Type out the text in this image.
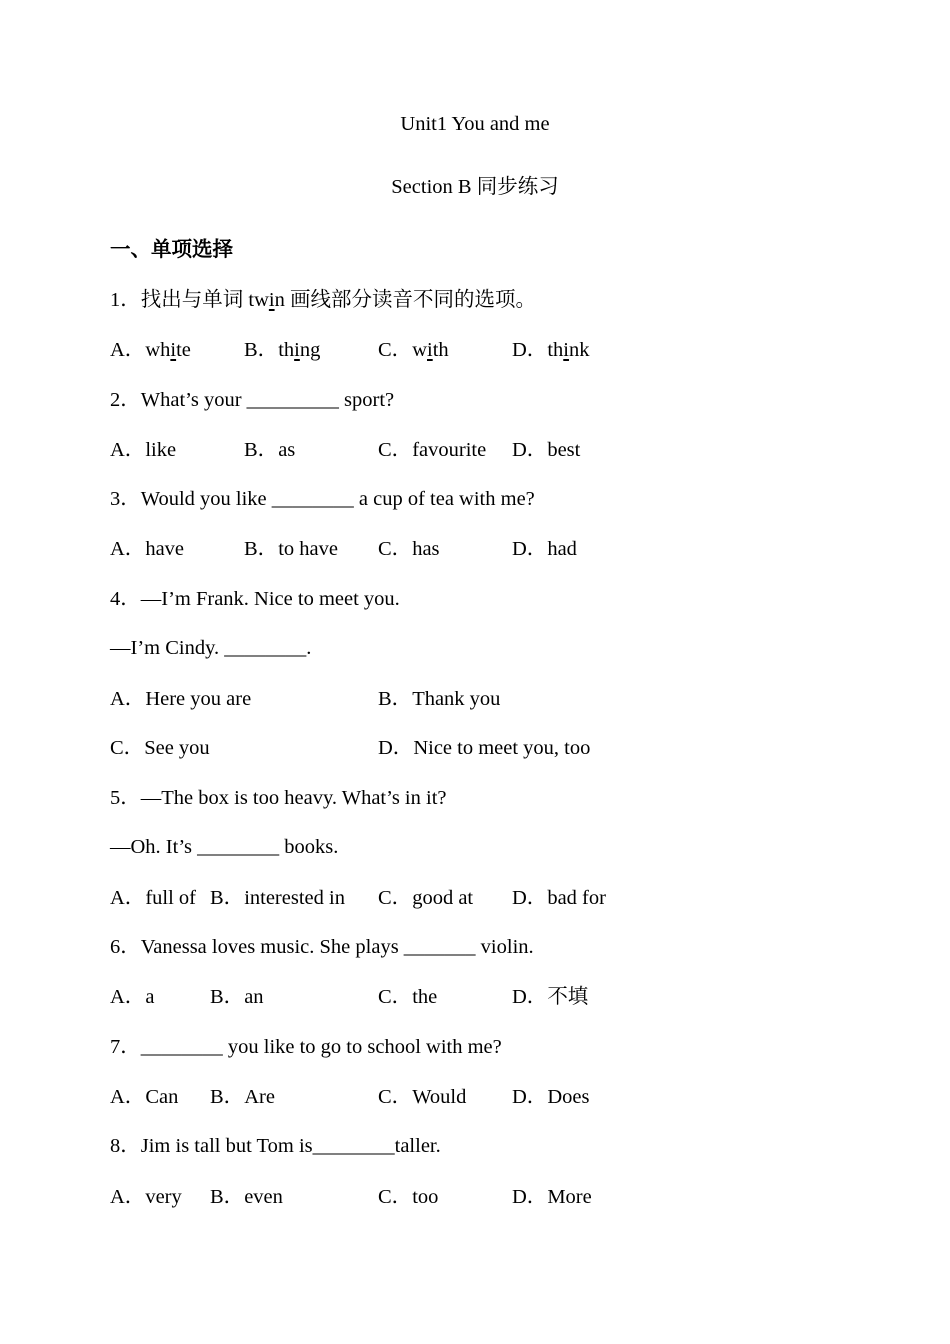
Unit1 You and me
Section B 同步练习
一、单项选择
1．找出与单词 twin 画线部分读音不同的选项。
A．white	B．thing	C．with	D．think
2．What’s your _________ sport?
A．like	B．as	C．favourite D．best
3．Would you like ________ a cup of tea with me?
A．have	B．to have C．has	D．had
4．—I’m Frank. Nice to meet you.
—I’m Cindy. ________.
A．Here you are	B．Thank you
C．See you	D．Nice to meet you, too
5．—The box is too heavy. What’s in it?
—Oh. It’s ________ books.
A．full of B．interested in C．good at D．bad for
6．Vanessa loves music. She plays _______ violin.
A．a	B．an	C．the	D．不填
7．________ you like to go to school with me?
A．Can B．Are	C．Would D．Does
8．Jim is tall but Tom is________taller.
A．very B．even	C．too	D．More
